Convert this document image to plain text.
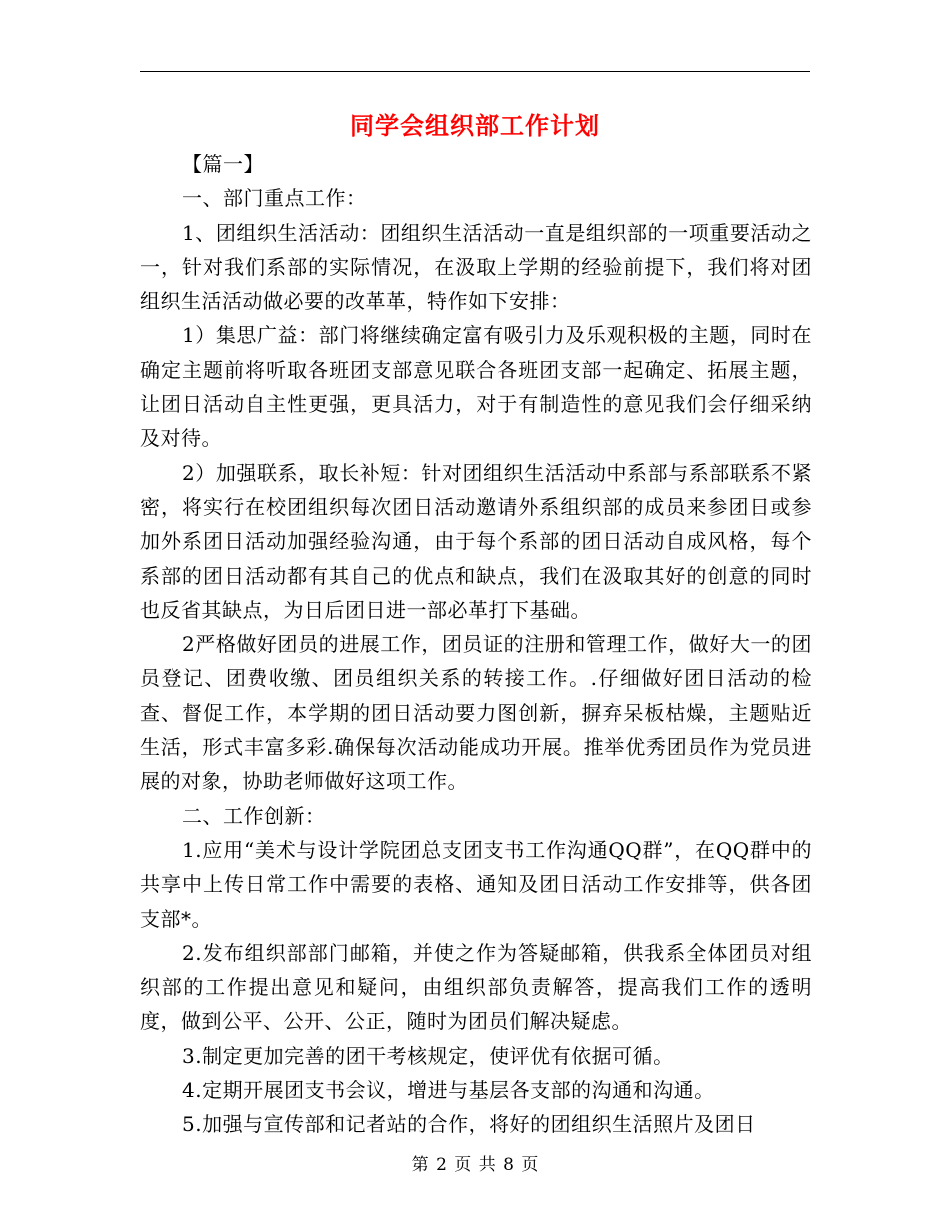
同学会组织部工作计划

【篇一】

一、部门重点工作：

1、团组织生活活动：团组织生活活动一直是组织部的一项重要活动之一，针对我们系部的实际情况，在汲取上学期的经验前提下，我们将对团组织生活活动做必要的改革革，特作如下安排：

1）集思广益：部门将继续确定富有吸引力及乐观积极的主题，同时在确定主题前将听取各班团支部意见联合各班团支部一起确定、拓展主题，让团日活动自主性更强，更具活力，对于有制造性的意见我们会仔细采纳及对待。

2）加强联系，取长补短：针对团组织生活活动中系部与系部联系不紧密，将实行在校团组织每次团日活动邀请外系组织部的成员来参团日或参加外系团日活动加强经验沟通，由于每个系部的团日活动自成风格，每个系部的团日活动都有其自己的优点和缺点，我们在汲取其好的创意的同时也反省其缺点，为日后团日进一部必革打下基础。

2严格做好团员的进展工作，团员证的注册和管理工作，做好大一的团员登记、团费收缴、团员组织关系的转接工作。.仔细做好团日活动的检查、督促工作，本学期的团日活动要力图创新，摒弃呆板枯燥，主题贴近生活，形式丰富多彩.确保每次活动能成功开展。推举优秀团员作为党员进展的对象，协助老师做好这项工作。

二、工作创新：

1.应用“美术与设计学院团总支团支书工作沟通QQ群”，在QQ群中的共享中上传日常工作中需要的表格、通知及团日活动工作安排等，供各团支部*。

2.发布组织部部门邮箱，并使之作为答疑邮箱，供我系全体团员对组织部的工作提出意见和疑问，由组织部负责解答，提高我们工作的透明度，做到公平、公开、公正，随时为团员们解决疑虑。

3.制定更加完善的团干考核规定，使评优有依据可循。

4.定期开展团支书会议，增进与基层各支部的沟通和沟通。

5.加强与宣传部和记者站的合作，将好的团组织生活照片及团日

第 2 页 共 8 页
